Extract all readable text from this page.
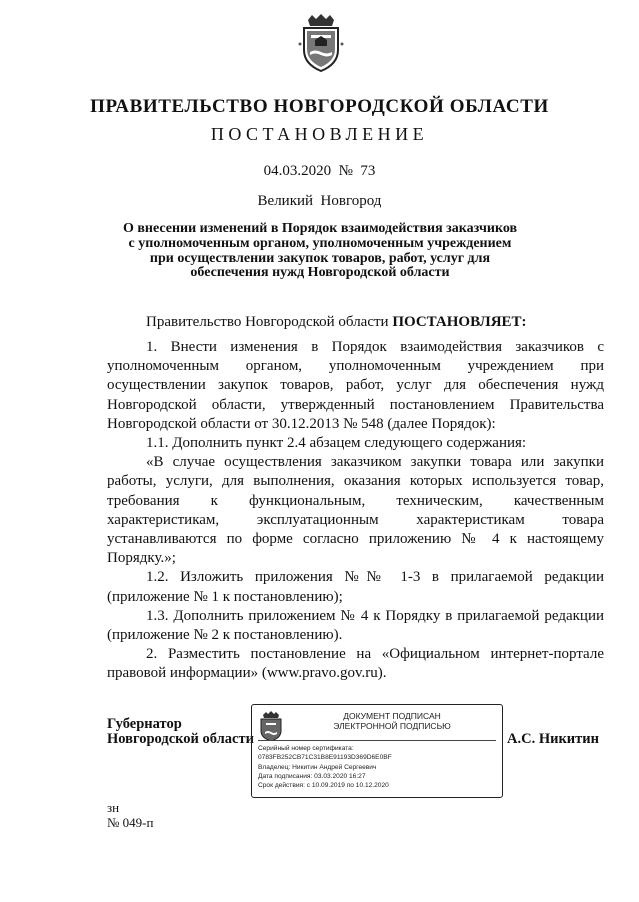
ПРАВИТЕЛЬСТВО НОВГОРОДСКОЙ ОБЛАСТИ
ПОСТАНОВЛЕНИЕ
04.03.2020  №  73
Великий  Новгород
О внесении изменений в Порядок взаимодействия заказчиков с уполномоченным органом, уполномоченным учреждением при осуществлении закупок товаров, работ, услуг для обеспечения нужд Новгородской области
Правительство Новгородской области ПОСТАНОВЛЯЕТ:

1. Внести изменения в Порядок взаимодействия заказчиков с уполномоченным органом, уполномоченным учреждением при осуществлении закупок товаров, работ, услуг для обеспечения нужд Новгородской области, утвержденный постановлением Правительства Новгородской области от 30.12.2013 № 548 (далее Порядок):

1.1. Дополнить пункт 2.4 абзацем следующего содержания:

«В случае осуществления заказчиком закупки товара или закупки работы, услуги, для выполнения, оказания которых используется товар, требования к функциональным, техническим, качественным характеристикам, эксплуатационным характеристикам товара устанавливаются по форме согласно приложению № 4 к настоящему Порядку.»;

1.2. Изложить приложения №№ 1-3 в прилагаемой редакции (приложение № 1 к постановлению);

1.3. Дополнить приложением № 4 к Порядку в прилагаемой редакции (приложение № 2 к постановлению).

2. Разместить постановление на «Официальном интернет-портале правовой информации» (www.pravo.gov.ru).

Губернатор
Новгородской области
ДОКУМЕНТ ПОДПИСАН
ЭЛЕКТРОННОЙ ПОДПИСЬЮ
Серийный номер сертификата:
0783FB252CB71C31B8E91193D369D6E0BF
Владелец: Никитин Андрей Сергеевич
Дата подписания: 03.03.2020 16:27
Срок действия: с 10.09.2019 по 10.12.2020
А.С. Никитин
зн
№ 049-п
